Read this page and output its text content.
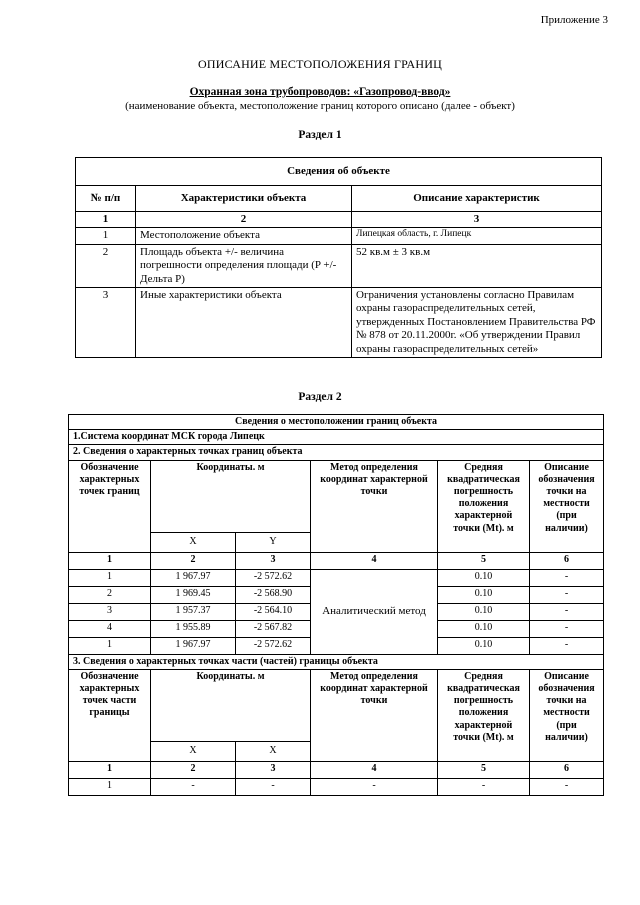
Приложение 3
ОПИСАНИЕ МЕСТОПОЛОЖЕНИЯ ГРАНИЦ
Охранная зона трубопроводов: «Газопровод-ввод»
(наименование объекта, местоположение границ которого описано (далее - объект)
Раздел 1
Сведения об объекте		
№ п/п	Характеристики объекта	Описание характеристик
1	2	3
1	Местоположение объекта	Липецкая область, г. Липецк
2	Площадь объекта +/- величина погрешности определения площади (P +/- Дельта P)	52 кв.м ± 3 кв.м
3	Иные характеристики объекта	Ограничения установлены согласно Правилам охраны газораспределительных сетей, утвержденных Постановлением Правительства РФ № 878 от 20.11.2000г. «Об утверждении Правил охраны газораспределительных сетей»
Раздел 2
Сведения о местоположении границ объекта					
1.Система координат МСК города Липецк					
2. Сведения о характерных точках границ объекта					
Обозначение характерных точек границ	Координаты. м		Метод определения координат характерной точки	Средняя квадратическая погрешность положения характерной точки (Mt). м	Описание обозначения точки на местности (при наличии)
	X	Y			
1	2	3	4	5	6
1	1 967.97	-2 572.62	Аналитический метод	0.10	-
2	1 969.45	-2 568.90		0.10	-
3	1 957.37	-2 564.10		0.10	-
4	1 955.89	-2 567.82		0.10	-
1	1 967.97	-2 572.62		0.10	-
3. Сведения о характерных точках части (частей) границы объекта					
Обозначение характерных точек части границы	Координаты. м		Метод определения координат характерной точки	Средняя квадратическая погрешность положения характерной точки (Mt). м	Описание обозначения точки на местности (при наличии)
	X	X			
1	2	3	4	5	6
1	-	-	-	-	-
